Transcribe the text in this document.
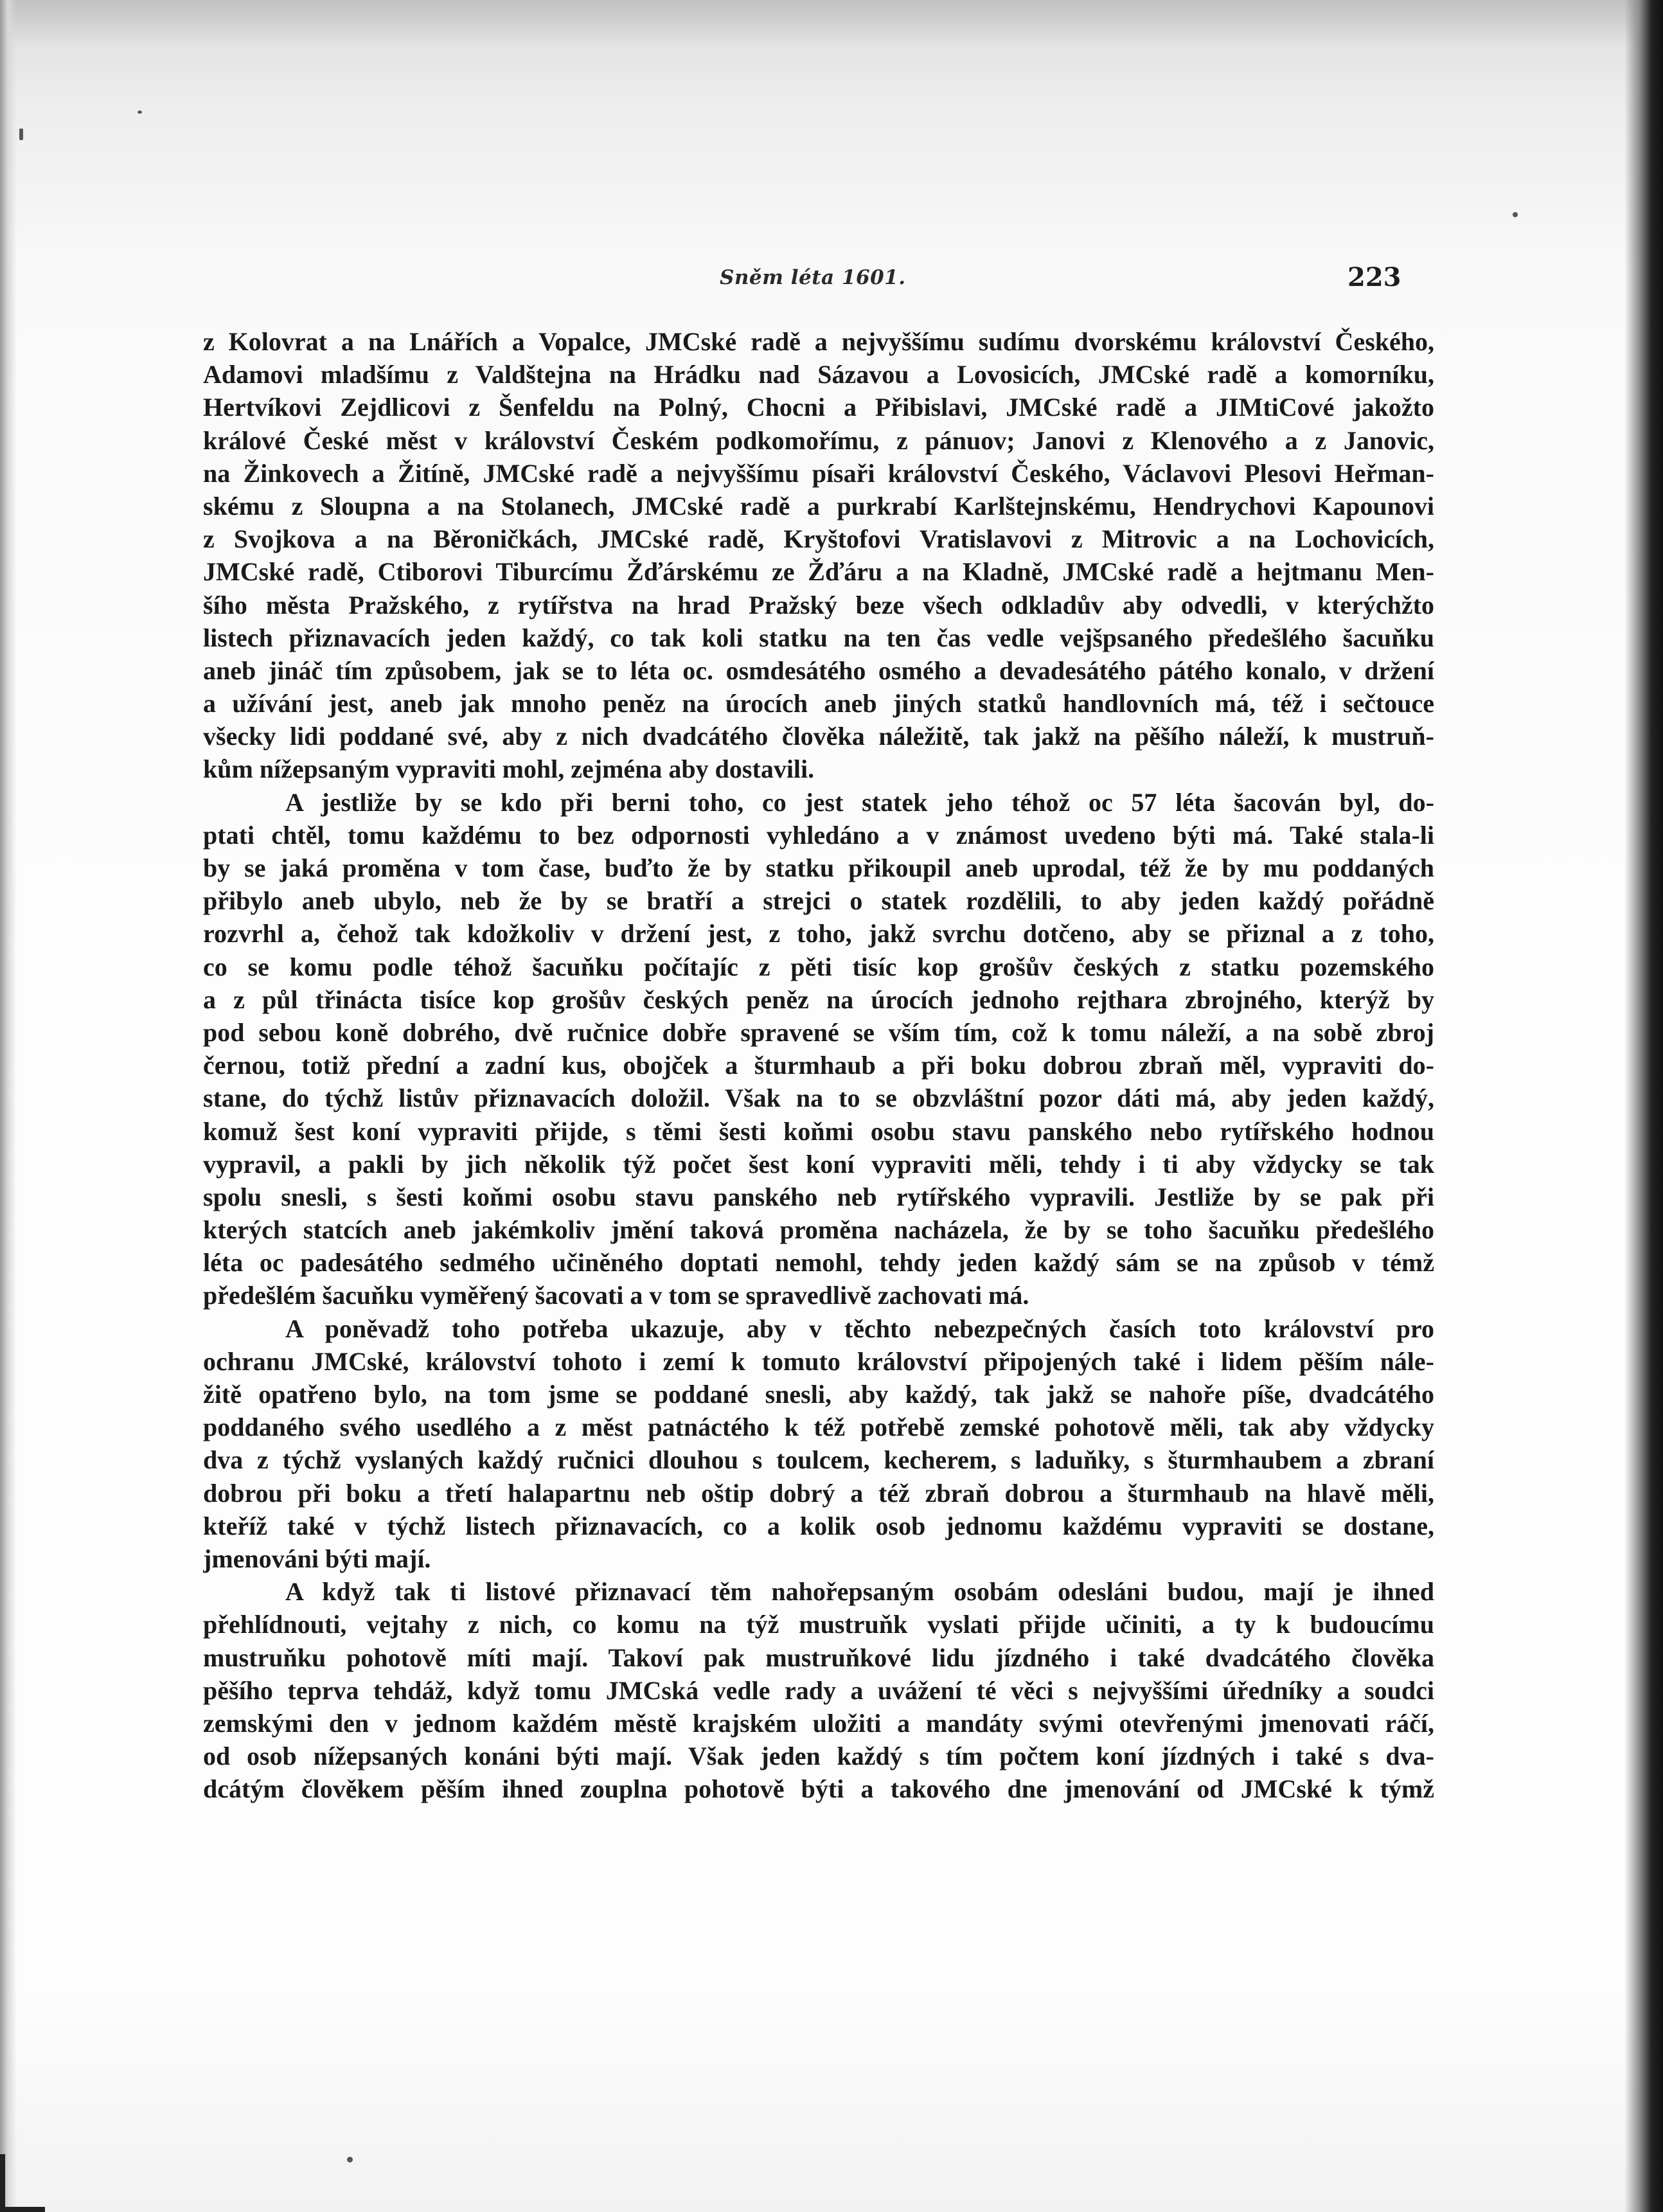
Sněm léta 1601.	223
z Kolovrat a na Lnářích a Vopalce, JMCské radě a nejvyššímu sudímu dvorskému království Českého,
Adamovi mladšímu z Valdštejna na Hrádku nad Sázavou a Lovosicích, JMCské radě a komorníku,
Hertvíkovi Zejdlicovi z Šenfeldu na Polný, Chocni a Přibislavi, JMCské radě a JIMtiCové jakožto
králové České měst v království Českém podkomořímu, z pánuov; Janovi z Klenového a z Janovic,
na Žinkovech a Žitíně, JMCské radě a nejvyššímu písaři království Českého, Václavovi Plesovi Heřman-
skému z Sloupna a na Stolanech, JMCské radě a purkrabí Karlštejnskému, Hendrychovi Kapounovi
z Svojkova a na Běroničkách, JMCské radě, Kryštofovi Vratislavovi z Mitrovic a na Lochovicích,
JMCské radě, Ctiborovi Tiburcímu Žďárskému ze Žďáru a na Kladně, JMCské radě a hejtmanu Men-
šího města Pražského, z rytířstva na hrad Pražský beze všech odkladův aby odvedli, v kterýchžto
listech přiznavacích jeden každý, co tak koli statku na ten čas vedle vejšpsaného předešlého šacuňku
aneb jináč tím způsobem, jak se to léta oc. osmdesátého osmého a devadesátého pátého konalo, v držení
a užívání jest, aneb jak mnoho peněz na úrocích aneb jiných statků handlovních má, též i sečtouce
všecky lidi poddané své, aby z nich dvadcátého člověka náležitě, tak jakž na pěšího náleží, k mustruň-
kům nížepsaným vypraviti mohl, zejména aby dostavili.
A jestliže by se kdo při berni toho, co jest statek jeho téhož oc 57 léta šacován byl, do-
ptati chtěl, tomu každému to bez odpornosti vyhledáno a v známost uvedeno býti má. Také stala-li
by se jaká proměna v tom čase, buďto že by statku přikoupil aneb uprodal, též že by mu poddaných
přibylo aneb ubylo, neb že by se bratří a strejci o statek rozdělili, to aby jeden každý pořádně
rozvrhl a, čehož tak kdožkoliv v držení jest, z toho, jakž svrchu dotčeno, aby se přiznal a z toho,
co se komu podle téhož šacuňku počítajíc z pěti tisíc kop grošův českých z statku pozemského
a z půl třinácta tisíce kop grošův českých peněz na úrocích jednoho rejthara zbrojného, kterýž by
pod sebou koně dobrého, dvě ručnice dobře spravené se vším tím, což k tomu náleží, a na sobě zbroj
černou, totiž přední a zadní kus, obojček a šturmhaub a při boku dobrou zbraň měl, vypraviti do-
stane, do týchž listův přiznavacích doložil. Však na to se obzvláštní pozor dáti má, aby jeden každý,
komuž šest koní vypraviti přijde, s těmi šesti koňmi osobu stavu panského nebo rytířského hodnou
vypravil, a pakli by jich několik týž počet šest koní vypraviti měli, tehdy i ti aby vždycky se tak
spolu snesli, s šesti koňmi osobu stavu panského neb rytířského vypravili. Jestliže by se pak při
kterých statcích aneb jakémkoliv jmění taková proměna nacházela, že by se toho šacuňku předešlého
léta oc padesátého sedmého učiněného doptati nemohl, tehdy jeden každý sám se na způsob v témž
předešlém šacuňku vyměřený šacovati a v tom se spravedlivě zachovati má.
A poněvadž toho potřeba ukazuje, aby v těchto nebezpečných časích toto království pro
ochranu JMCské, království tohoto i zemí k tomuto království připojených také i lidem pěším nále-
žitě opatřeno bylo, na tom jsme se poddané snesli, aby každý, tak jakž se nahoře píše, dvadcátého
poddaného svého usedlého a z měst patnáctého k též potřebě zemské pohotově měli, tak aby vždycky
dva z týchž vyslaných každý ručnici dlouhou s toulcem, kecherem, s laduňky, s šturmhaubem a zbraní
dobrou při boku a třetí halapartnu neb oštip dobrý a též zbraň dobrou a šturmhaub na hlavě měli,
kteříž také v týchž listech přiznavacích, co a kolik osob jednomu každému vypraviti se dostane,
jmenováni býti mají.
A když tak ti listové přiznavací těm nahořepsaným osobám odesláni budou, mají je ihned
přehlídnouti, vejtahy z nich, co komu na týž mustruňk vyslati přijde učiniti, a ty k budoucímu
mustruňku pohotově míti mají. Takoví pak mustruňkové lidu jízdného i také dvadcátého člověka
pěšího teprva tehdáž, když tomu JMCská vedle rady a uvážení té věci s nejvyššími úředníky a soudci
zemskými den v jednom každém městě krajském uložiti a mandáty svými otevřenými jmenovati ráčí,
od osob nížepsaných konáni býti mají. Však jeden každý s tím počtem koní jízdných i také s dva-
dcátým člověkem pěším ihned zouplna pohotově býti a takového dne jmenování od JMCské k týmž
